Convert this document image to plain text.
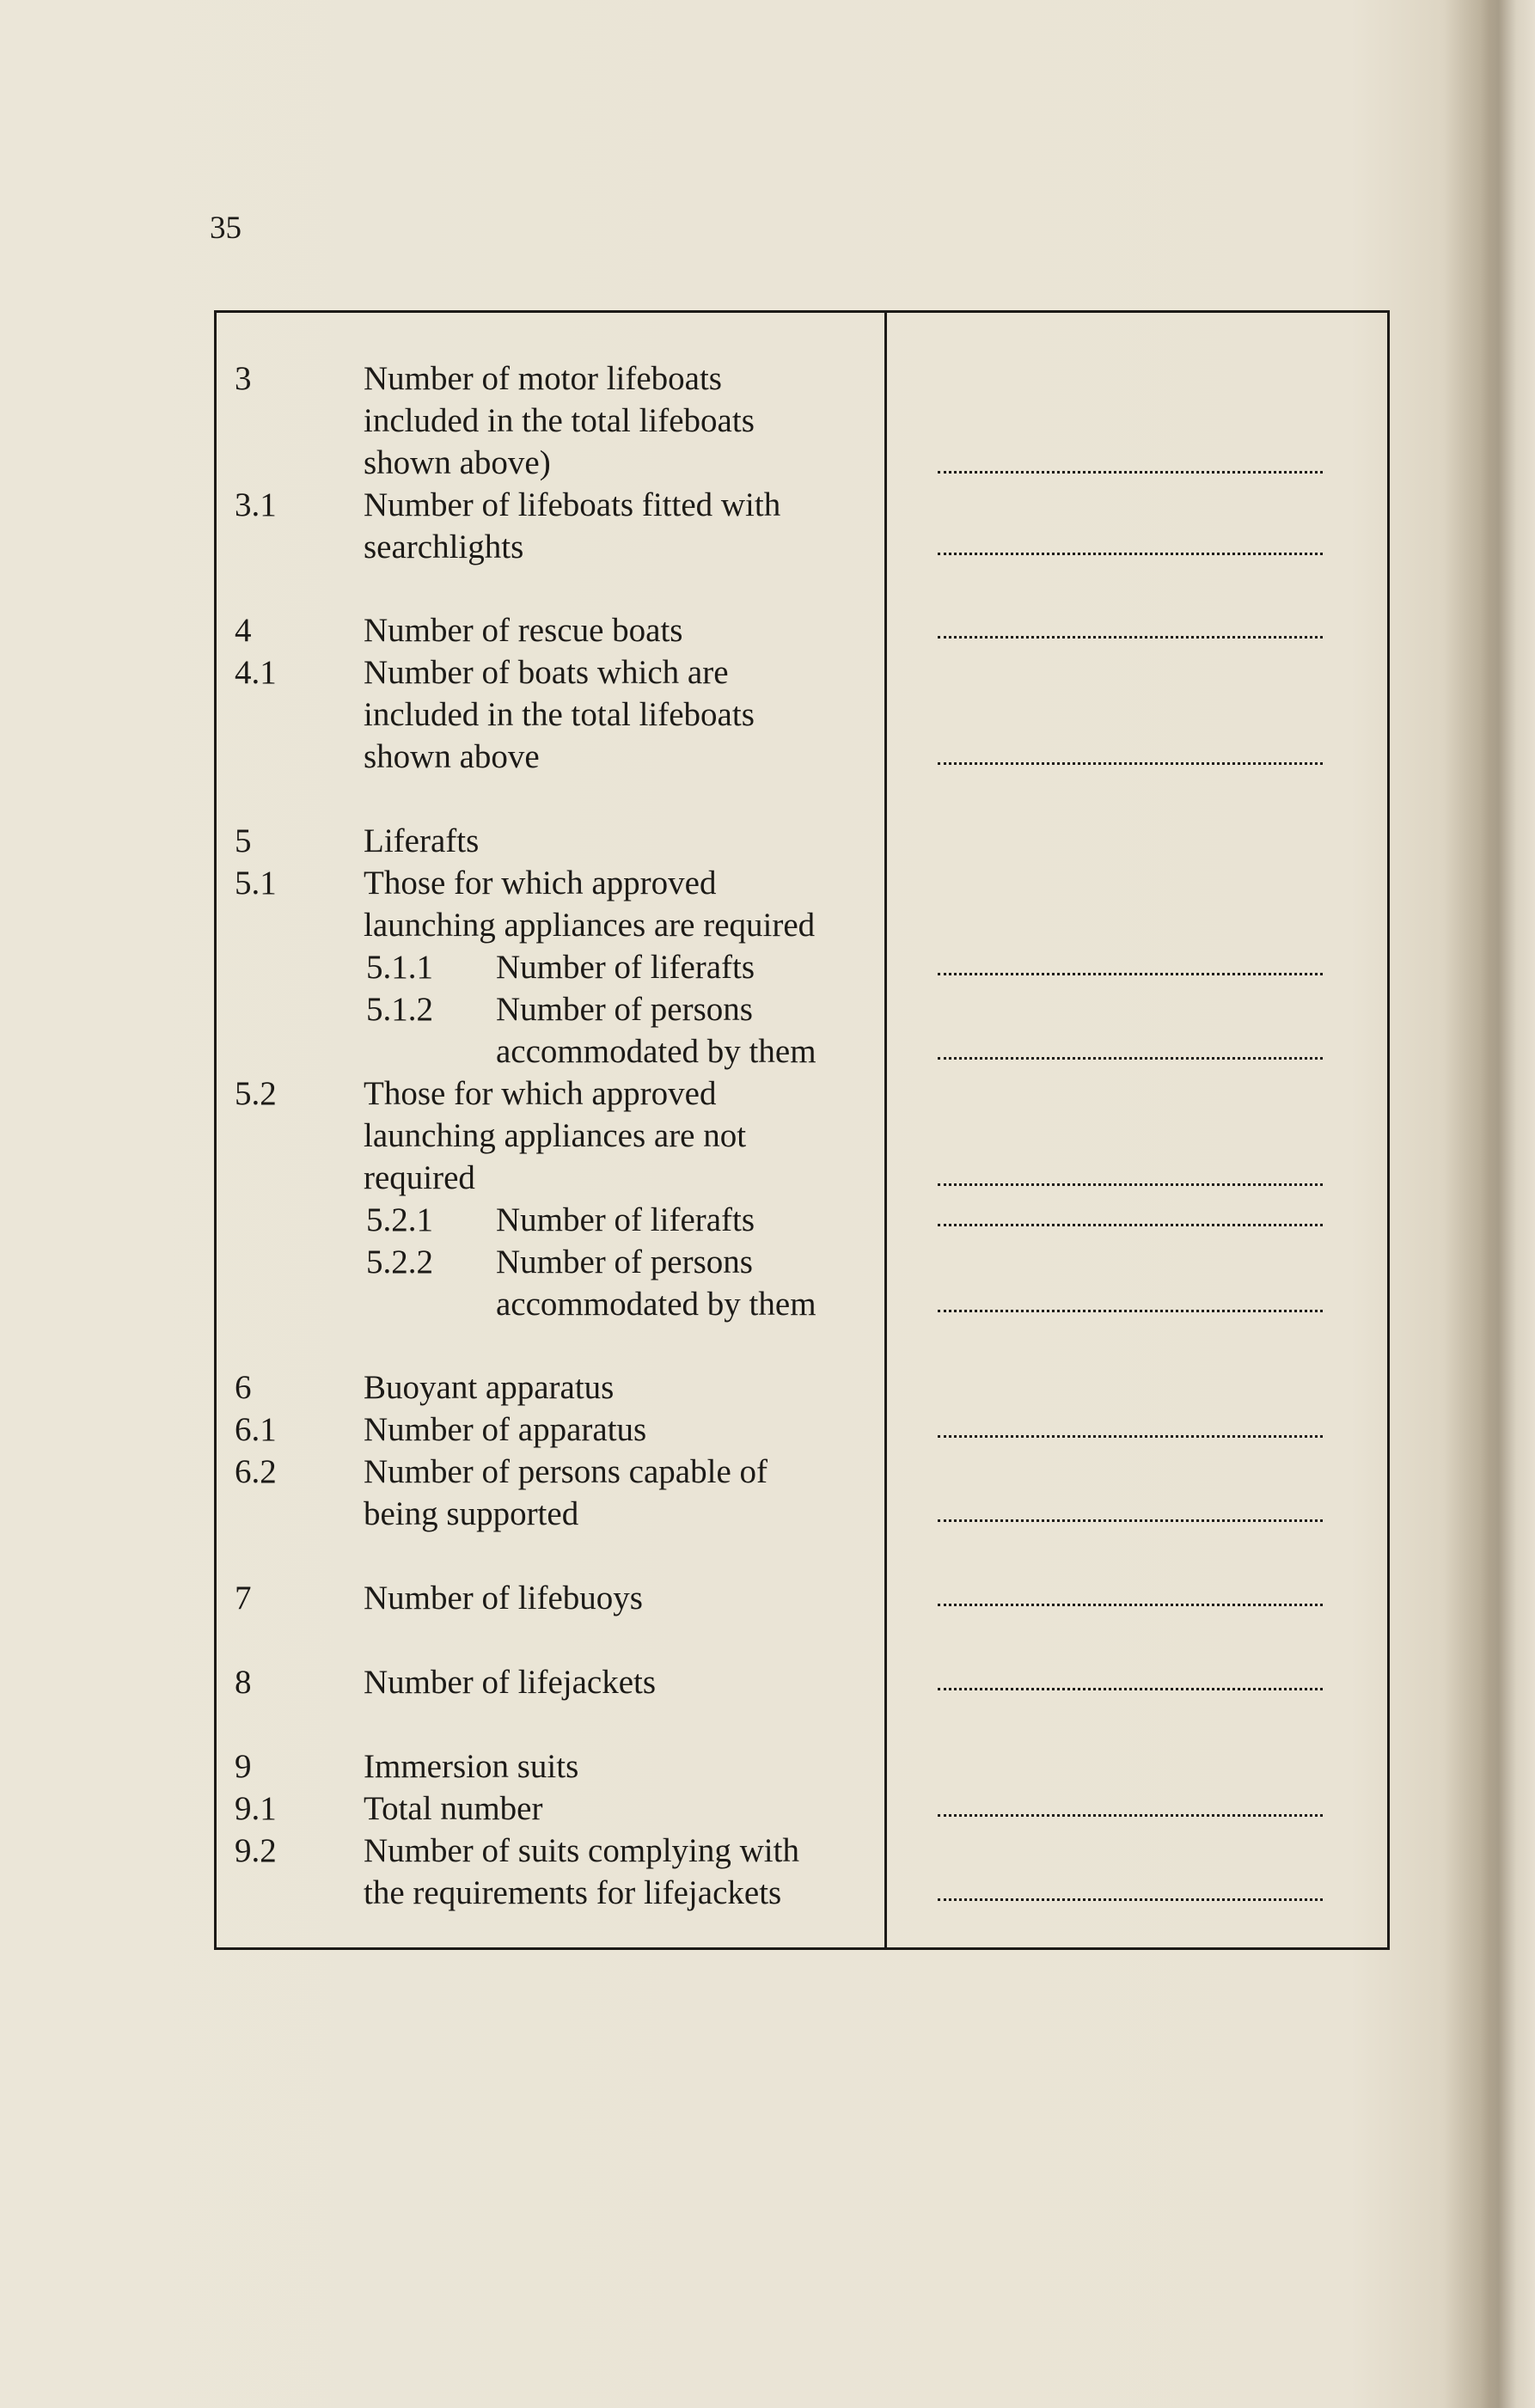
35
3	Number of motor lifeboats
included in the total lifeboats
shown above)
3.1	Number of lifeboats fitted with
searchlights
4	Number of rescue boats
4.1	Number of boats which are
included in the total lifeboats
shown above
5	Liferafts
5.1	Those for which approved
launching appliances are required
5.1.1 Number of liferafts
5.1.2 Number of persons
accommodated by them
5.2	Those for which approved
launching appliances are not
required
5.2.1 Number of liferafts
5.2.2 Number of persons
accommodated by them
6	Buoyant apparatus
6.1	Number of apparatus
6.2	Number of persons capable of
being supported
7	Number of lifebuoys
8	Number of lifejackets
9	Immersion suits
9.1	Total number
9.2	Number of suits complying with
the requirements for lifejackets
